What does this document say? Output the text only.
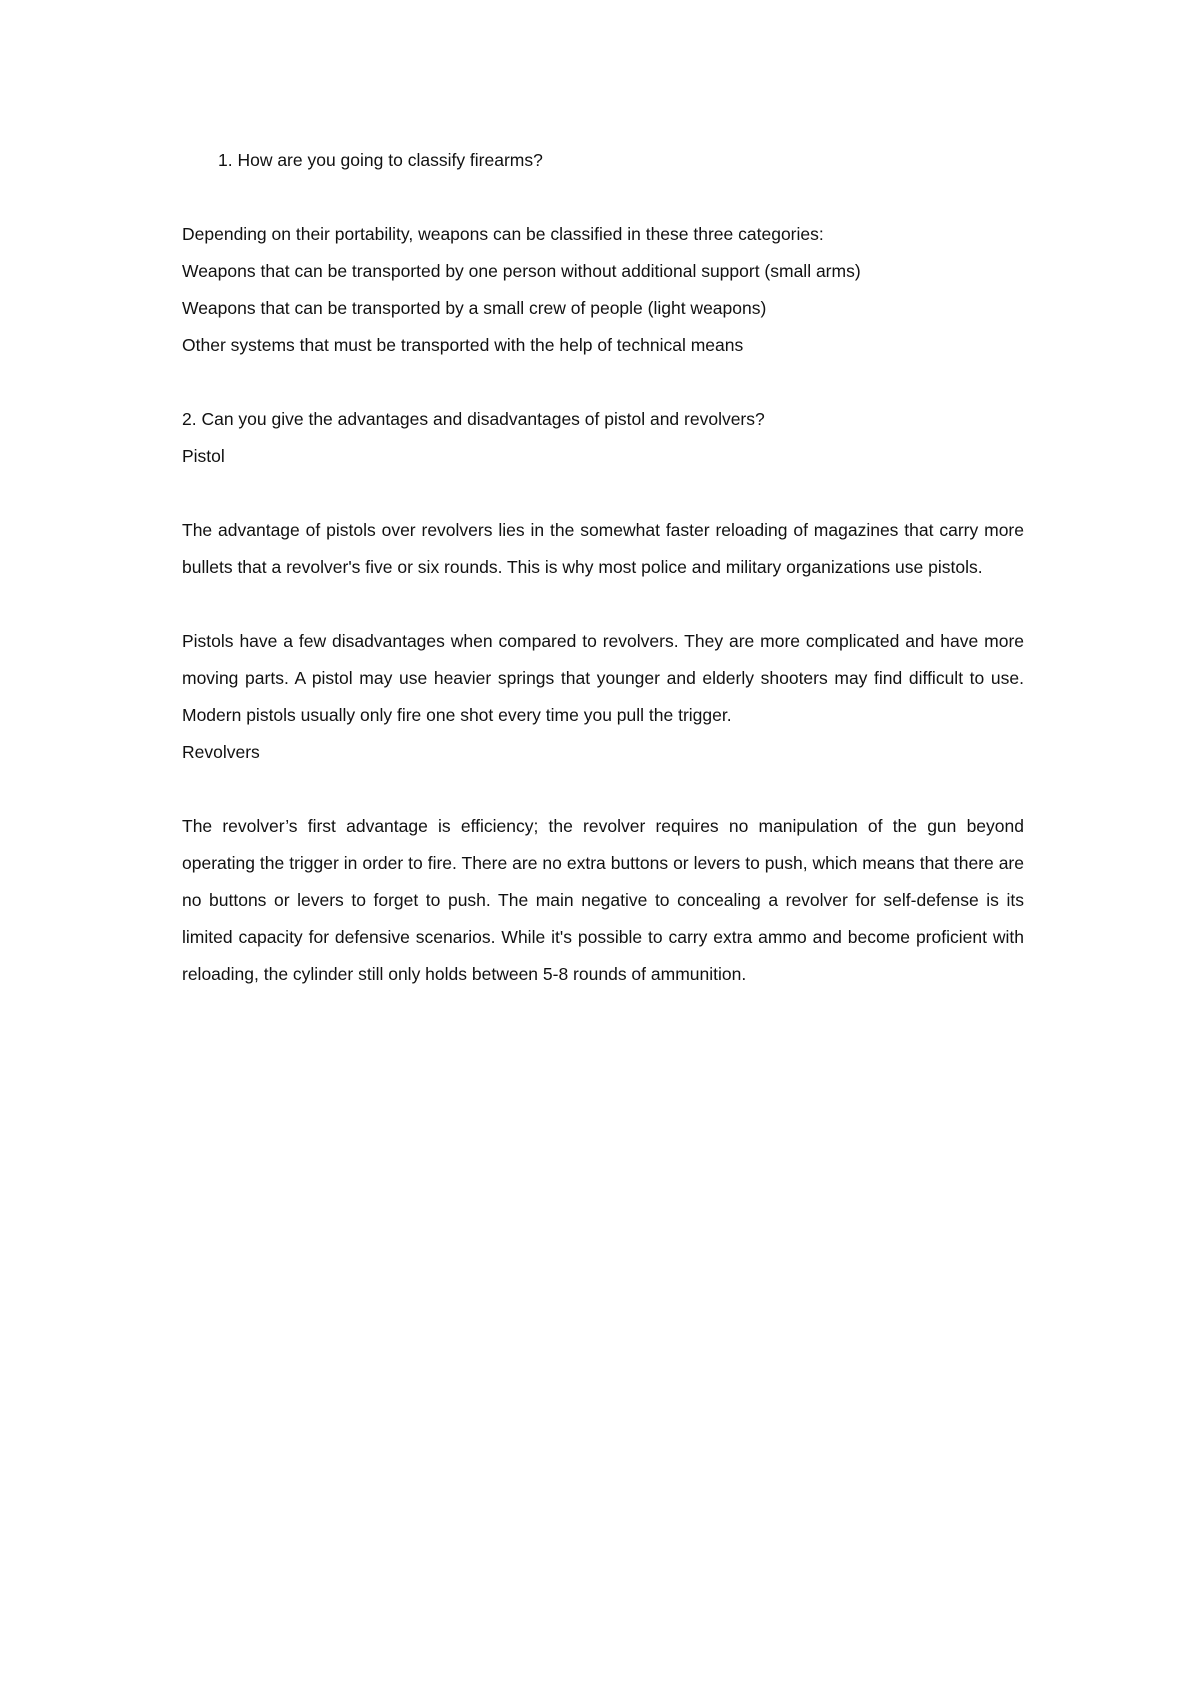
1. How are you going to classify firearms?
Depending on their portability, weapons can be classified in these three categories:
Weapons that can be transported by one person without additional support (small arms)
Weapons that can be transported by a small crew of people (light weapons)
Other systems that must be transported with the help of technical means
2. Can you give the advantages and disadvantages of pistol and revolvers?
Pistol

The advantage of pistols over revolvers lies in the somewhat faster reloading of magazines that carry more bullets that a revolver's five or six rounds. This is why most police and military organizations use pistols.

Pistols have a few disadvantages when compared to revolvers. They are more complicated and have more moving parts. A pistol may use heavier springs that younger and elderly shooters may find difficult to use. Modern pistols usually only fire one shot every time you pull the trigger.

Revolvers

The revolver’s first advantage is efficiency; the revolver requires no manipulation of the gun beyond operating the trigger in order to fire. There are no extra buttons or levers to push, which means that there are no buttons or levers to forget to push. The main negative to concealing a revolver for self-defense is its limited capacity for defensive scenarios. While it's possible to carry extra ammo and become proficient with reloading, the cylinder still only holds between 5-8 rounds of ammunition.
